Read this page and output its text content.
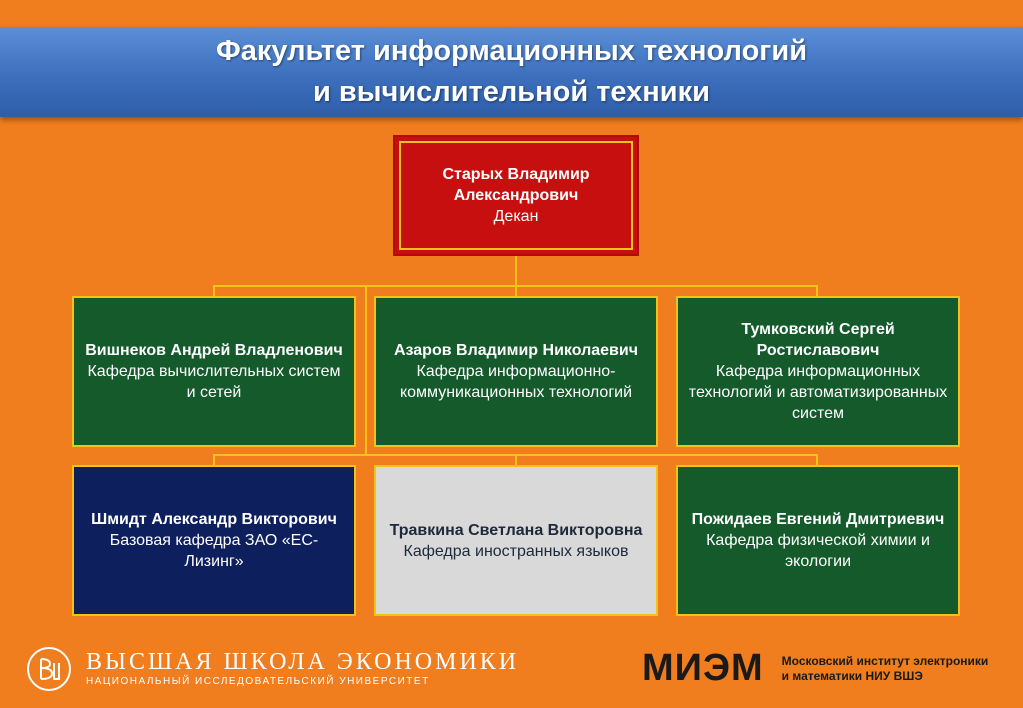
Факультет информационных технологий
и вычислительной техники
Старых Владимир Александрович
Декан
Вишнеков Андрей Владленович
Кафедра вычислительных систем и сетей
Азаров Владимир Николаевич
Кафедра информационно-коммуникационных технологий
Тумковский Сергей Ростиславович
Кафедра информационных технологий и автоматизированных систем
Шмидт Александр Викторович
Базовая кафедра ЗАО «ЕС-Лизинг»
Травкина Светлана Викторовна
Кафедра иностранных языков
Пожидаев Евгений Дмитриевич
Кафедра физической химии и экологии
ВЫСШАЯ ШКОЛА ЭКОНОМИКИ
НАЦИОНАЛЬНЫЙ ИССЛЕДОВАТЕЛЬСКИЙ УНИВЕРСИТЕТ	МИЭМ Московский институт электроники
и математики НИУ ВШЭ
